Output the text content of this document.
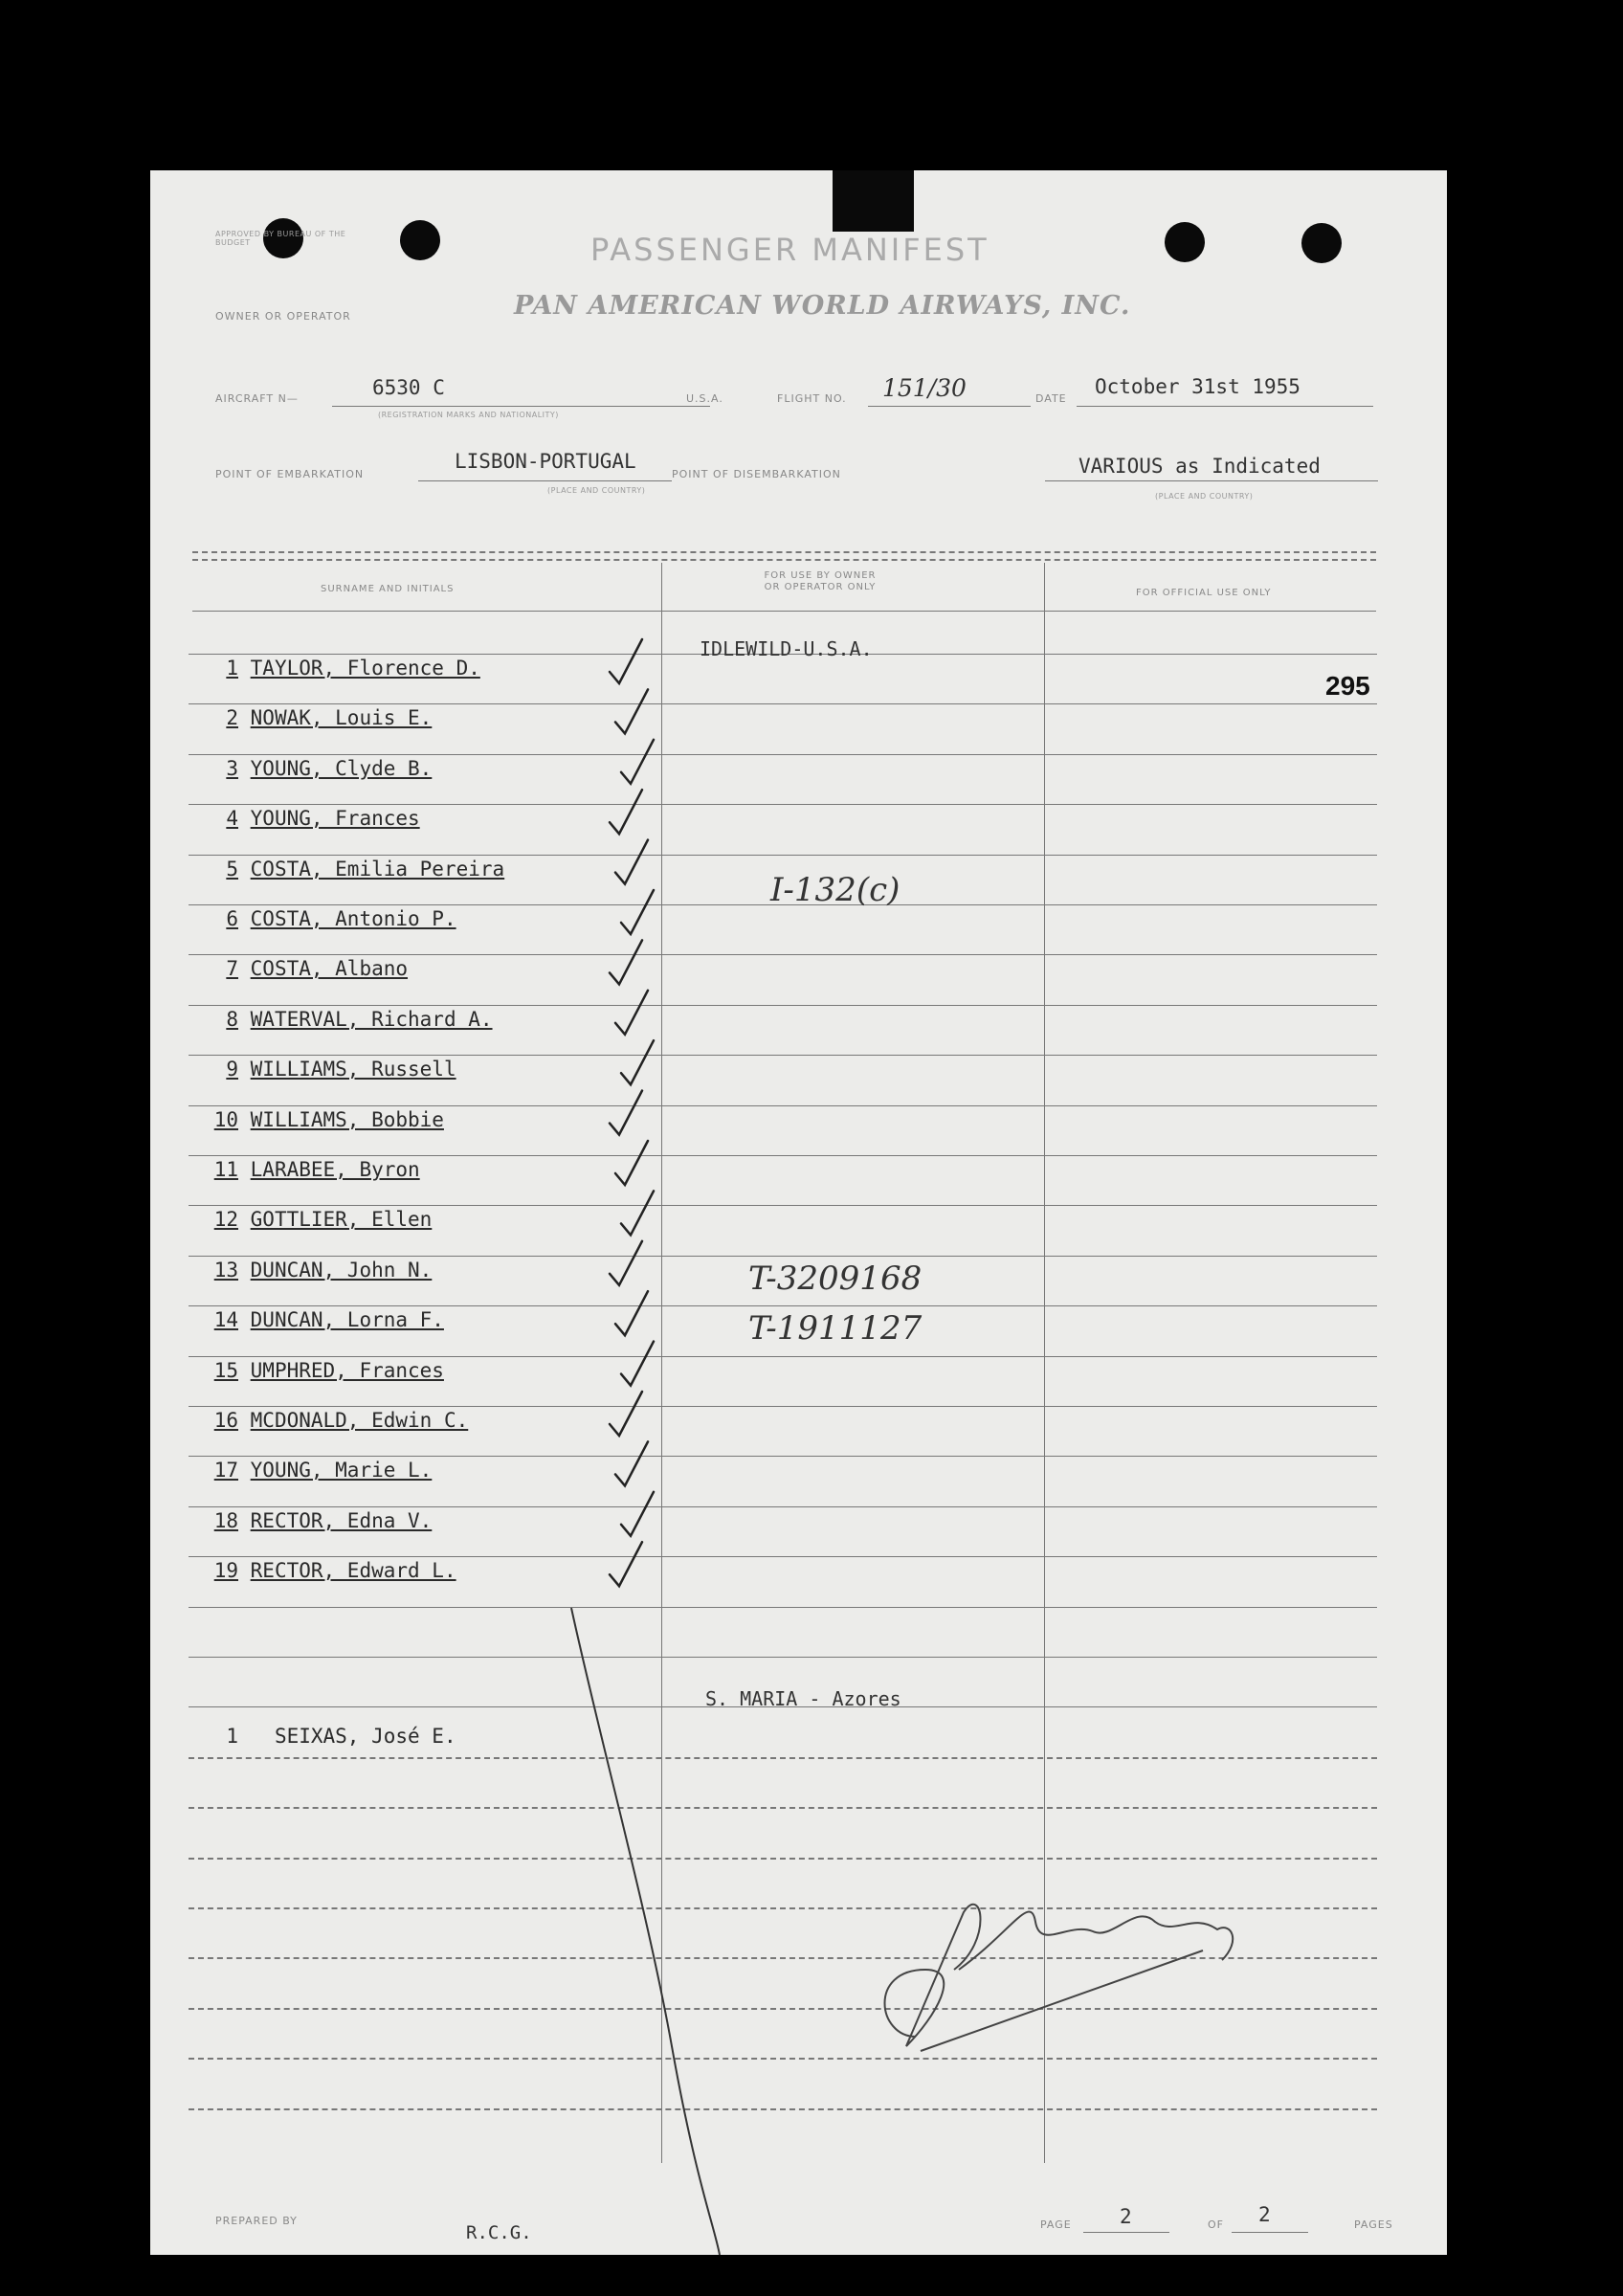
APPROVED BY BUREAU OF THE BUDGET	PASSENGER MANIFEST
OWNER OR OPERATOR	PAN AMERICAN WORLD AIRWAYS, INC.
AIRCRAFT N—	6530 C
(REGISTRATION MARKS AND NATIONALITY)
U.S.A.	FLIGHT NO. 151/30	DATE
October 31st 1955
POINT OF EMBARKATION
LISBON-PORTUGAL
(PLACE AND COUNTRY)
POINT OF DISEMBARKATION	VARIOUS as Indicated
(PLACE AND COUNTRY)
SURNAME AND INITIALS
FOR USE BY OWNER OR OPERATOR ONLY
FOR OFFICIAL USE ONLY
IDLEWILD-U.S.A.
295
1 TAYLOR, Florence D.
2 NOWAK, Louis E.
3 YOUNG, Clyde B.
4 YOUNG, Frances
5 COSTA, Emilia Pereira
6 COSTA, Antonio P.
7 COSTA, Albano
8 WATERVAL, Richard A.
9 WILLIAMS, Russell
10 WILLIAMS, Bobbie
11 LARABEE, Byron
12 GOTTLIER, Ellen
13 DUNCAN, John N.
14 DUNCAN, Lorna F.
15 UMPHRED, Frances
16 MCDONALD, Edwin C.
17 YOUNG, Marie L.
18 RECTOR, Edna V.
19 RECTOR, Edward L.
I-132(c)
T-3209168
T-1911127
S. MARIA - Azores
1 SEIXAS, José E.
PREPARED BY
R.C.G.	PAGE 2	OF 2	PAGES
